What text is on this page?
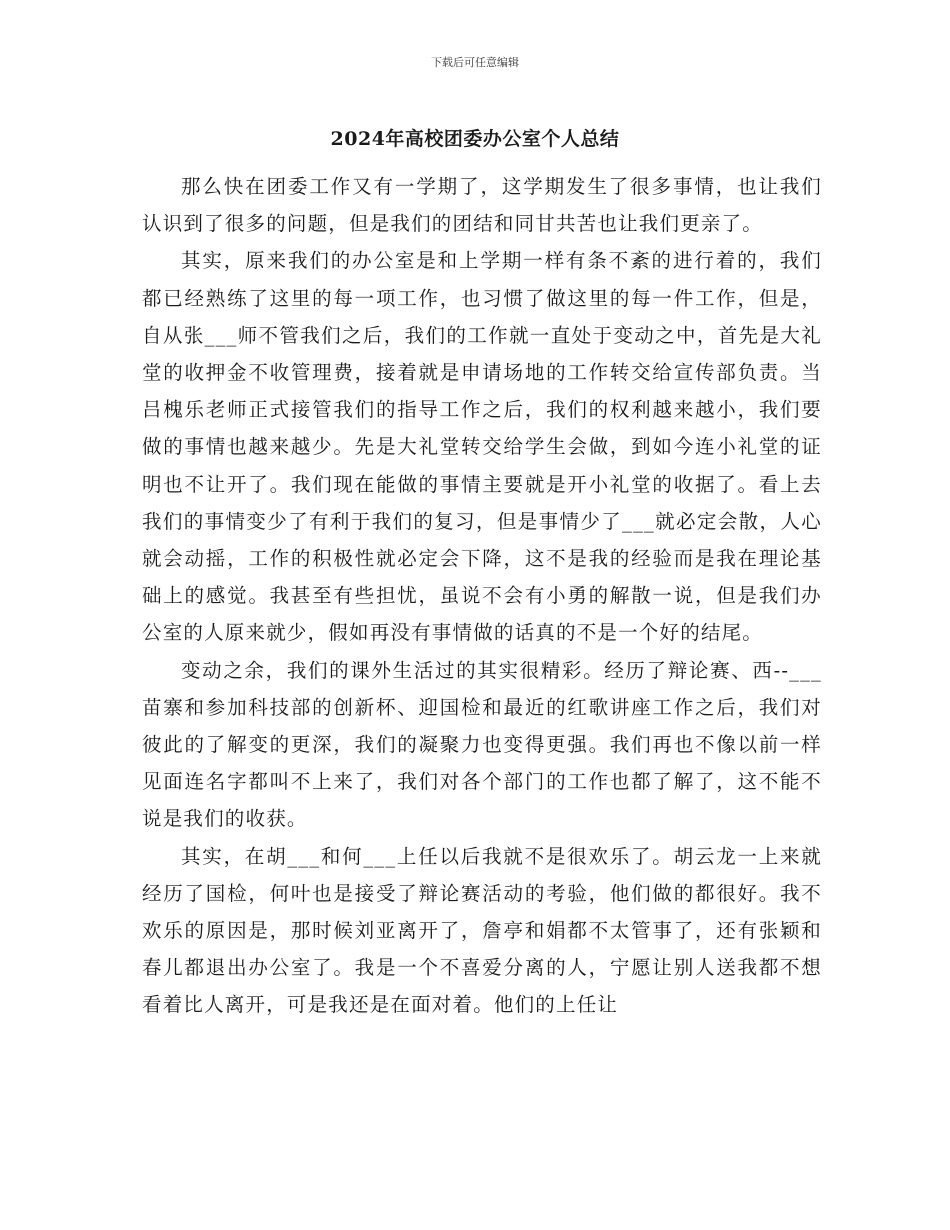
下载后可任意编辑
2024年高校团委办公室个人总结

那么快在团委工作又有一学期了，这学期发生了很多事情，也让我们认识到了很多的问题，但是我们的团结和同甘共苦也让我们更亲了。

其实，原来我们的办公室是和上学期一样有条不紊的进行着的，我们都已经熟练了这里的每一项工作，也习惯了做这里的每一件工作，但是，自从张___师不管我们之后，我们的工作就一直处于变动之中，首先是大礼堂的收押金不收管理费，接着就是申请场地的工作转交给宣传部负责。当吕槐乐老师正式接管我们的指导工作之后，我们的权利越来越小，我们要做的事情也越来越少。先是大礼堂转交给学生会做，到如今连小礼堂的证明也不让开了。我们现在能做的事情主要就是开小礼堂的收据了。看上去我们的事情变少了有利于我们的复习，但是事情少了___就必定会散，人心就会动摇，工作的积极性就必定会下降，这不是我的经验而是我在理论基础上的感觉。我甚至有些担忧，虽说不会有小勇的解散一说，但是我们办公室的人原来就少，假如再没有事情做的话真的不是一个好的结尾。

变动之余，我们的课外生活过的其实很精彩。经历了辩论赛、西--___苗寨和参加科技部的创新杯、迎国检和最近的红歌讲座工作之后，我们对彼此的了解变的更深，我们的凝聚力也变得更强。我们再也不像以前一样见面连名字都叫不上来了，我们对各个部门的工作也都了解了，这不能不说是我们的收获。

其实，在胡___和何___上任以后我就不是很欢乐了。胡云龙一上来就经历了国检，何叶也是接受了辩论赛活动的考验，他们做的都很好。我不欢乐的原因是，那时候刘亚离开了，詹亭和娟都不太管事了，还有张颖和春儿都退出办公室了。我是一个不喜爱分离的人，宁愿让别人送我都不想看着比人离开，可是我还是在面对着。他们的上任让
